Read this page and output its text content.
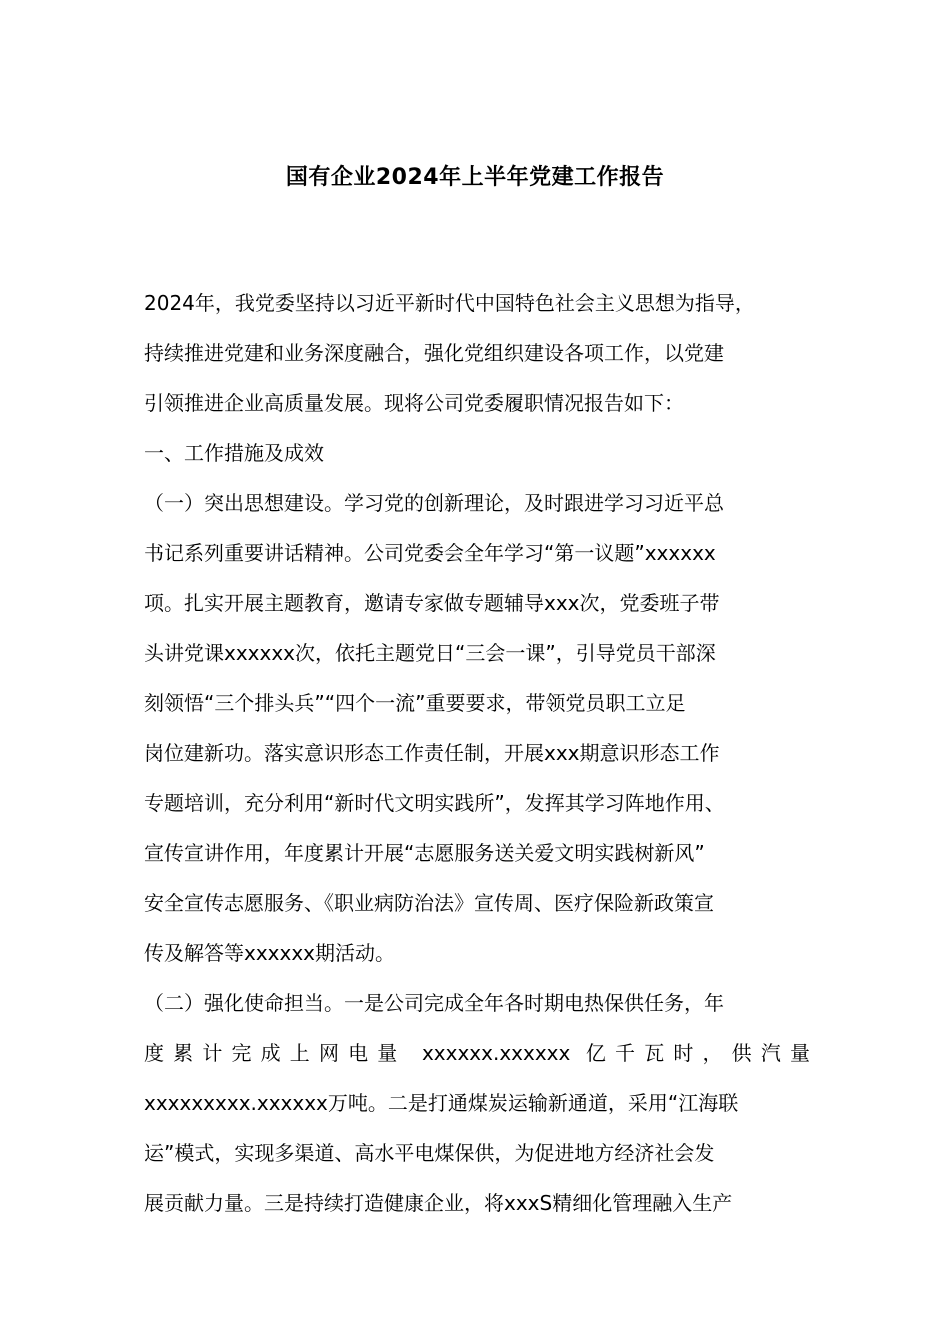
国有企业2024年上半年党建工作报告
2024年，我党委坚持以习近平新时代中国特色社会主义思想为指导，
持续推进党建和业务深度融合，强化党组织建设各项工作，以党建
引领推进企业高质量发展。现将公司党委履职情况报告如下：
一、工作措施及成效
（一）突出思想建设。学习党的创新理论，及时跟进学习习近平总
书记系列重要讲话精神。公司党委会全年学习“第一议题”xxxxxx
项。扎实开展主题教育，邀请专家做专题辅导xxx次，党委班子带
头讲党课xxxxxx次，依托主题党日“三会一课”，引导党员干部深
刻领悟“三个排头兵”“四个一流”重要要求，带领党员职工立足
岗位建新功。落实意识形态工作责任制，开展xxx期意识形态工作
专题培训，充分利用“新时代文明实践所”，发挥其学习阵地作用、
宣传宣讲作用，年度累计开展“志愿服务送关爱文明实践树新风”
安全宣传志愿服务、《职业病防治法》宣传周、医疗保险新政策宣
传及解答等xxxxxx期活动。
（二）强化使命担当。一是公司完成全年各时期电热保供任务，年
度累计完成上网电量 xxxxxx.xxxxxx 亿千瓦时，供汽量
xxxxxxxxx.xxxxxx万吨。二是打通煤炭运输新通道，采用“江海联
运”模式，实现多渠道、高水平电煤保供，为促进地方经济社会发
展贡献力量。三是持续打造健康企业，将xxxS精细化管理融入生产
